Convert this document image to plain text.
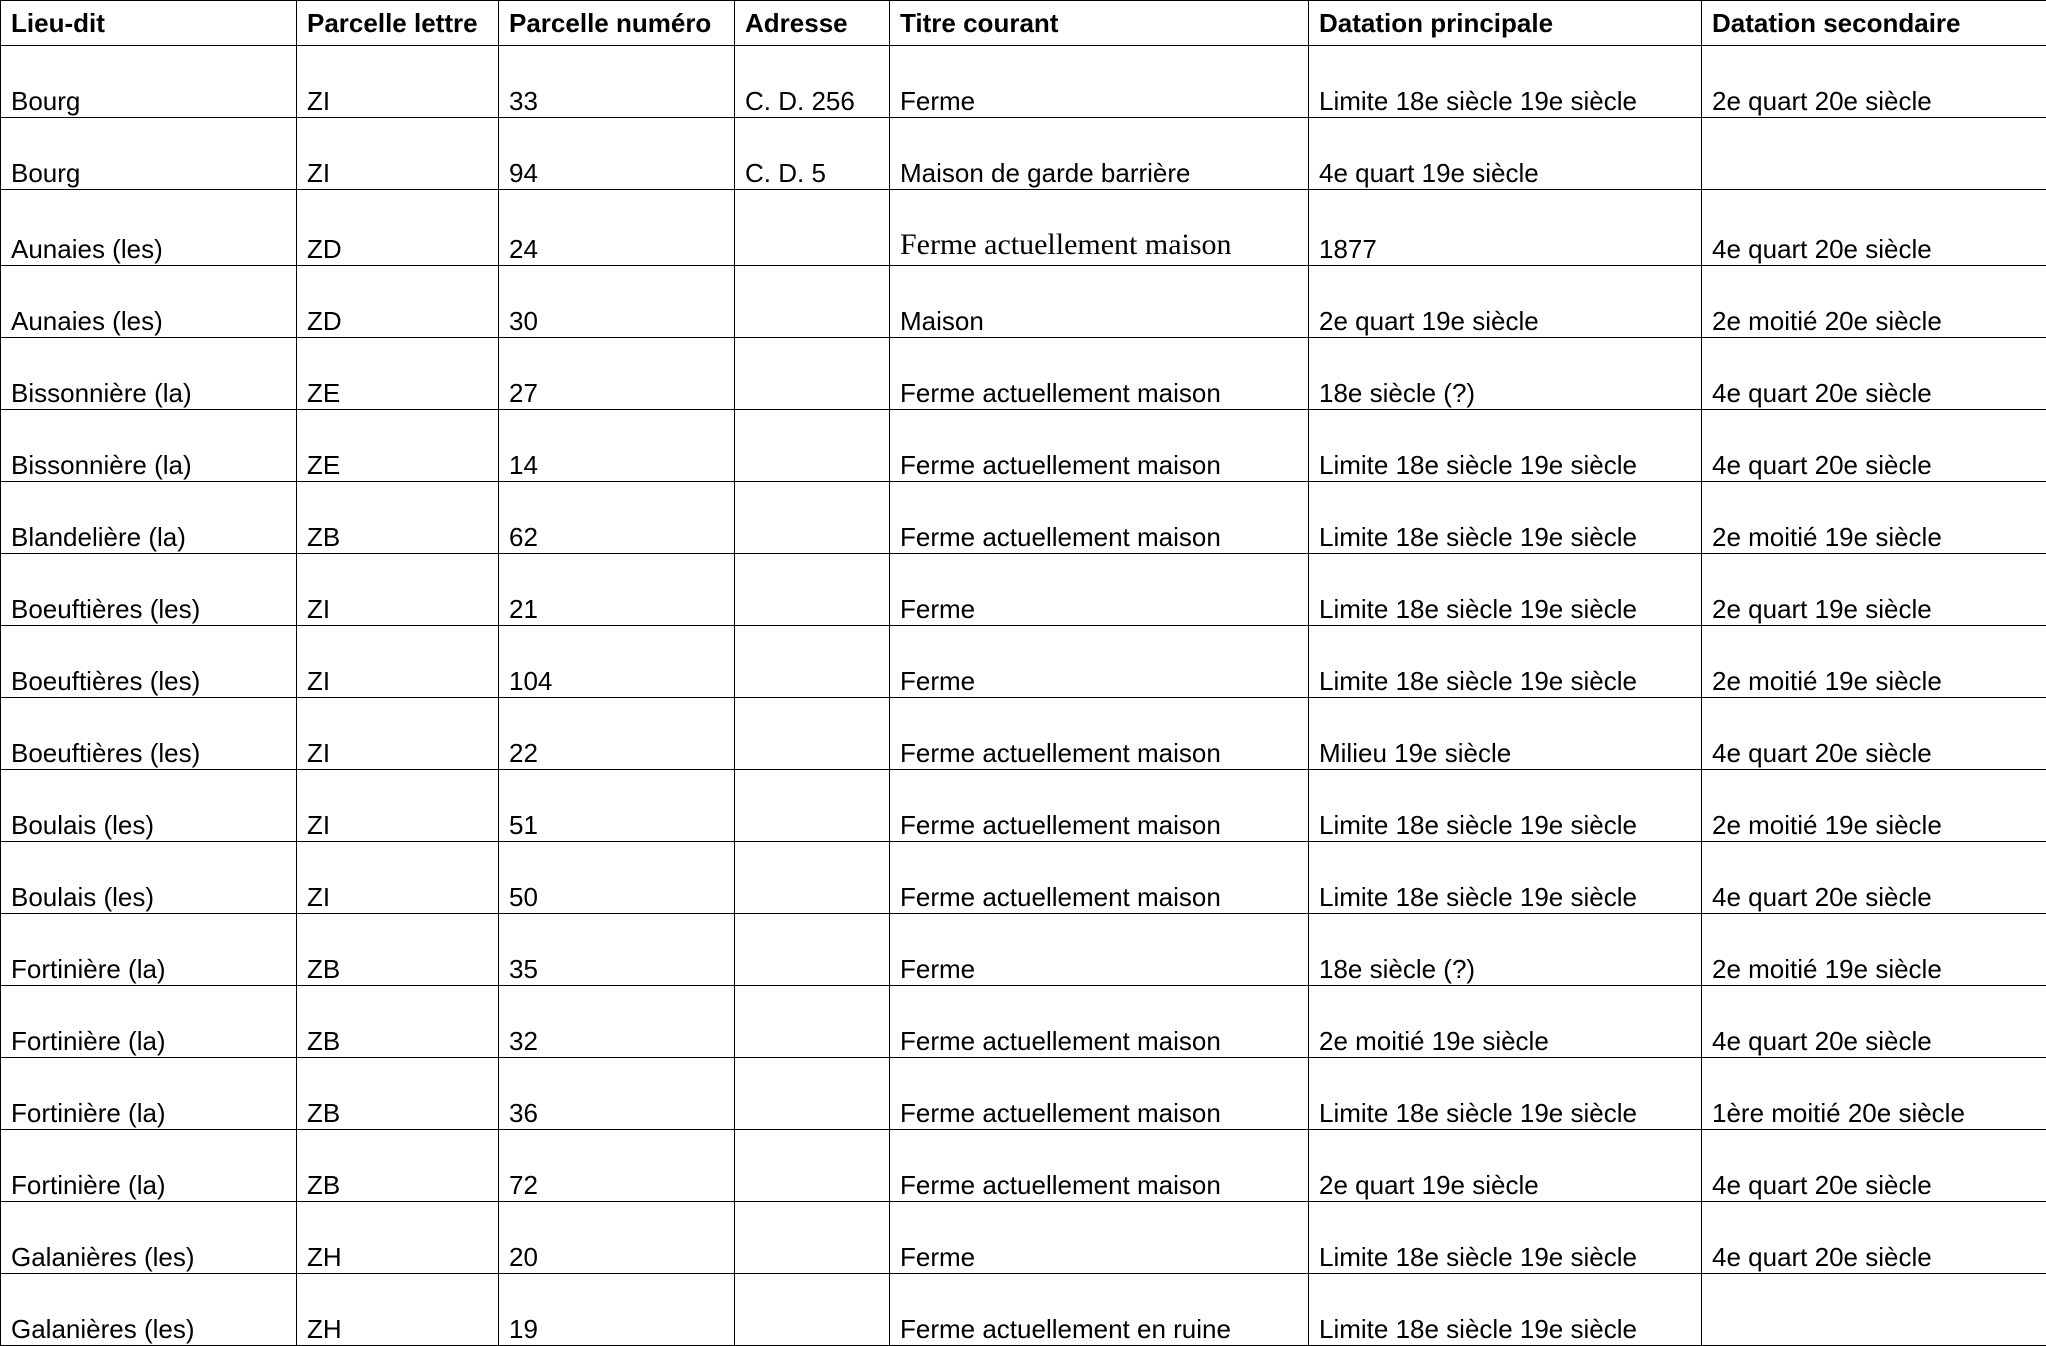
Lieu-dit	Parcelle lettre	Parcelle numéro	Adresse	Titre courant	Datation principale	Datation secondaire
Bourg	ZI	33	C. D. 256	Ferme	Limite 18e siècle 19e siècle	2e quart 20e siècle
Bourg	ZI	94	C. D. 5	Maison de garde barrière	4e quart 19e siècle	
Aunaies (les)	ZD	24		Ferme actuellement maison	1877	4e quart 20e siècle
Aunaies (les)	ZD	30		Maison	2e quart 19e siècle	2e moitié 20e siècle
Bissonnière (la)	ZE	27		Ferme actuellement maison	18e siècle (?)	4e quart 20e siècle
Bissonnière (la)	ZE	14		Ferme actuellement maison	Limite 18e siècle 19e siècle	4e quart 20e siècle
Blandelière (la)	ZB	62		Ferme actuellement maison	Limite 18e siècle 19e siècle	2e moitié 19e siècle
Boeuftières (les)	ZI	21		Ferme	Limite 18e siècle 19e siècle	2e quart 19e siècle
Boeuftières (les)	ZI	104		Ferme	Limite 18e siècle 19e siècle	2e moitié 19e siècle
Boeuftières (les)	ZI	22		Ferme actuellement maison	Milieu 19e siècle	4e quart 20e siècle
Boulais (les)	ZI	51		Ferme actuellement maison	Limite 18e siècle 19e siècle	2e moitié 19e siècle
Boulais (les)	ZI	50		Ferme actuellement maison	Limite 18e siècle 19e siècle	4e quart 20e siècle
Fortinière (la)	ZB	35		Ferme	18e siècle (?)	2e moitié 19e siècle
Fortinière (la)	ZB	32		Ferme actuellement maison	2e moitié 19e siècle	4e quart 20e siècle
Fortinière (la)	ZB	36		Ferme actuellement maison	Limite 18e siècle 19e siècle	1ère moitié 20e siècle
Fortinière (la)	ZB	72		Ferme actuellement maison	2e quart 19e siècle	4e quart 20e siècle
Galanières (les)	ZH	20		Ferme	Limite 18e siècle 19e siècle	4e quart 20e siècle
Galanières (les)	ZH	19		Ferme actuellement en ruine	Limite 18e siècle 19e siècle	
